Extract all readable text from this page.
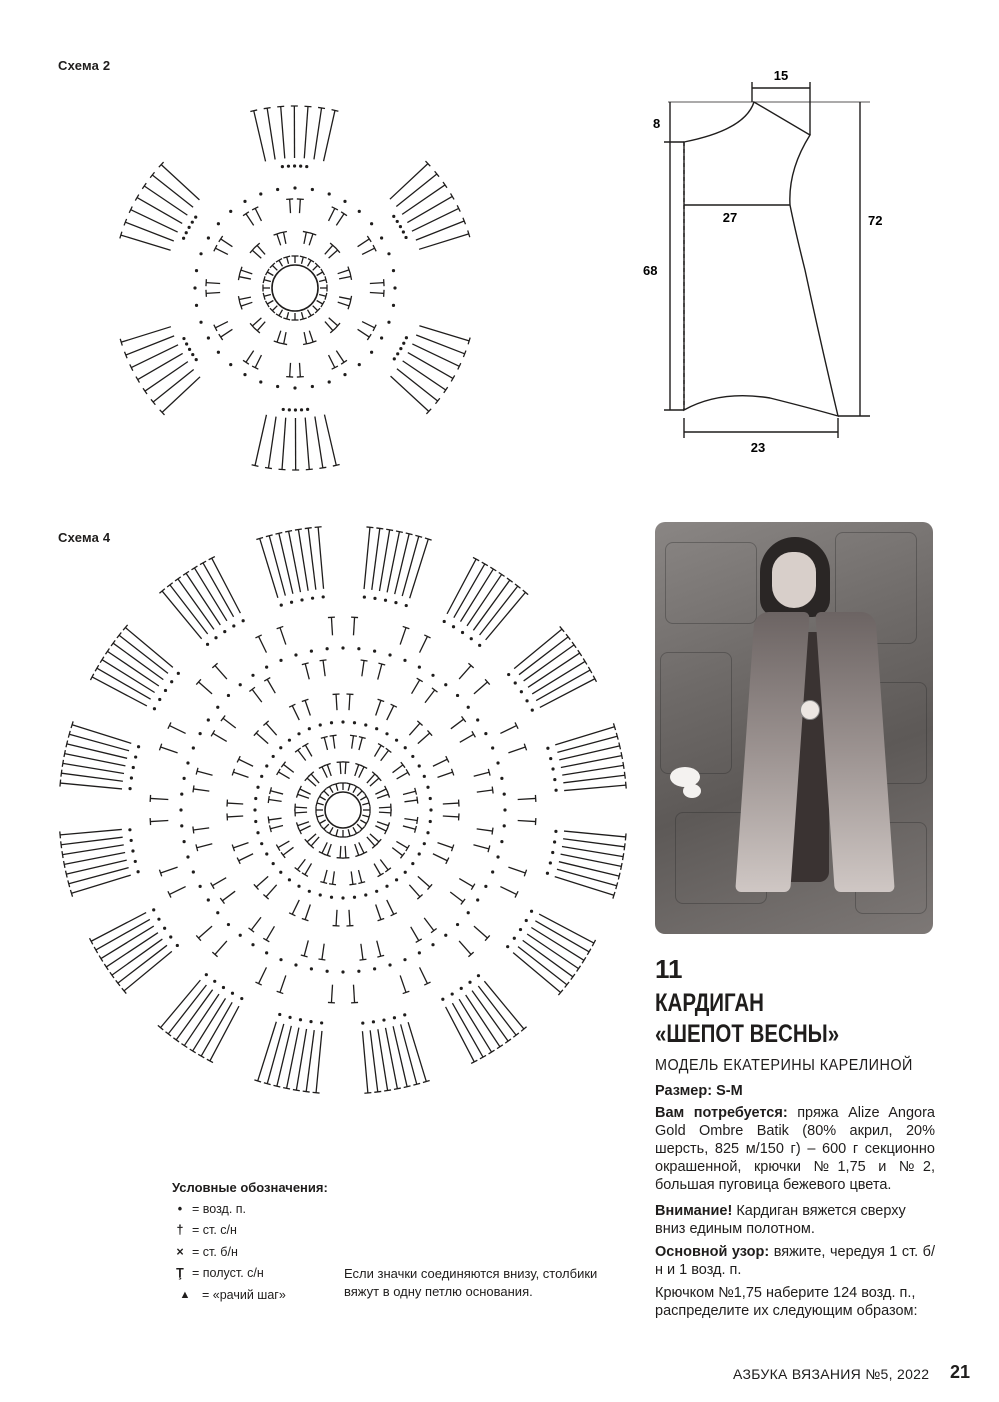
Схема 2
Схема 4
15
8
27
68
72
23
11
КАРДИГАН
«ШЕПОТ ВЕСНЫ»
МОДЕЛЬ ЕКАТЕРИНЫ КАРЕЛИНОЙ
Размер: S-M
Вам потребуется: пряжа Alize Angora Gold Ombre Batik (80% акрил, 20% шерсть, 825 м/150 г) – 600 г секционно окрашенной, крючки №1,75 и №2, большая пуговица бежевого цвета.
Внимание! Кардиган вяжется сверху вниз единым полотном.
Основной узор: вяжите, чередуя 1 ст. б/н и 1 возд. п.
Крючком №1,75 наберите 124 возд. п., распределите их следующим образом:
Условные обозначения:
• = возд. п.
† = ст. с/н
× = ст. б/н
Ţ = полуст. с/н
▲ = «рачий шаг»
Если значки соединяются внизу, столбики вяжут в одну петлю основания.
АЗБУКА ВЯЗАНИЯ №5, 2022 21
